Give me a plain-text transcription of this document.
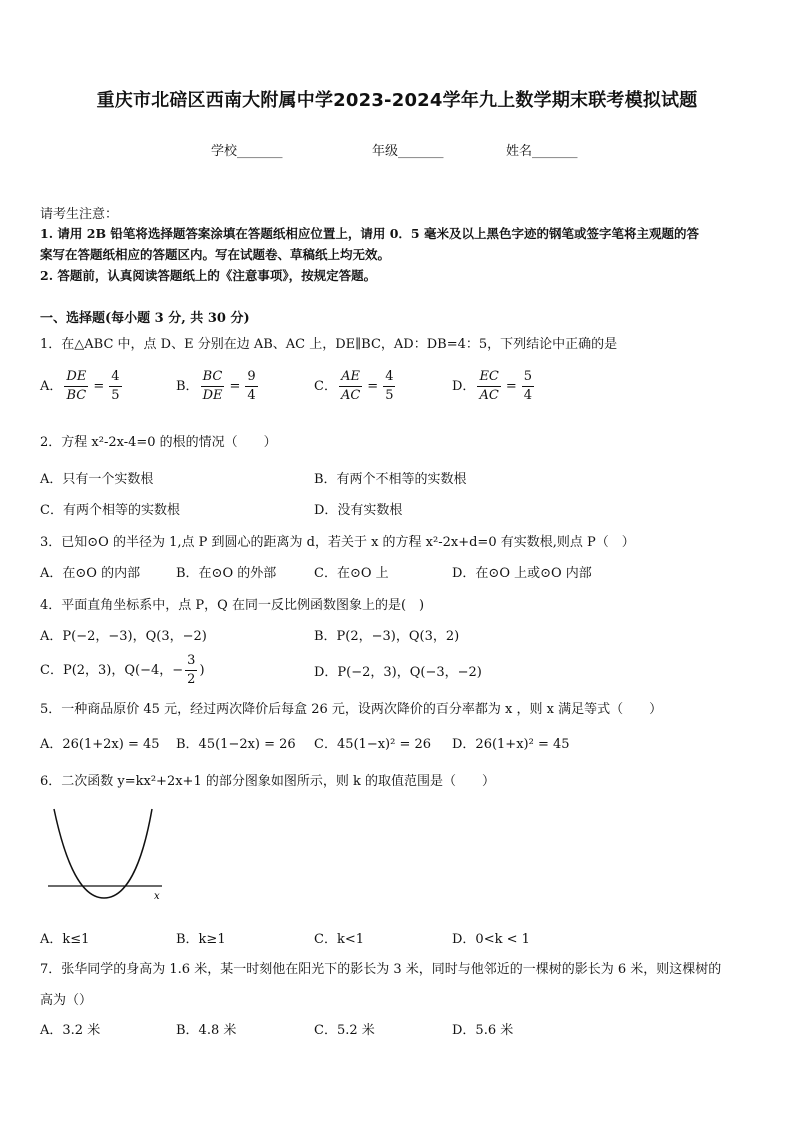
重庆市北碚区西南大附属中学2023-2024学年九上数学期末联考模拟试题
学校_______	年级_______	姓名_______
请考生注意：
1. 请用 2B 铅笔将选择题答案涂填在答题纸相应位置上，请用 0．5 毫米及以上黑色字迹的钢笔或签字笔将主观题的答
案写在答题纸相应的答题区内。写在试题卷、草稿纸上均无效。
2. 答题前，认真阅读答题纸上的《注意事项》，按规定答题。
一、选择题(每小题 3 分, 共 30 分)
1．在△ABC 中，点 D、E 分别在边 AB、AC 上，DE∥BC，AD：DB=4：5，下列结论中正确的是
A． $\frac{DE}{BC} = \frac{4}{5}$	B． $\frac{BC}{DE} = \frac{9}{4}$	C． $\frac{AE}{AC} = \frac{4}{5}$	D． $\frac{EC}{AC} = \frac{5}{4}$
2．方程 x²-2x-4=0 的根的情况（　　）
A．只有一个实数根	B．有两个不相等的实数根
C．有两个相等的实数根	D．没有实数根
3．已知⊙O 的半径为 1,点 P 到圆心的距离为 d，若关于 x 的方程 x²-2x+d=0 有实数根,则点 P（　）
A．在⊙O 的内部	B．在⊙O 的外部	C．在⊙O 上	D．在⊙O 上或⊙O 内部
4．平面直角坐标系中，点 P，Q 在同一反比例函数图象上的是(　)
A．P(−2，−3)，Q(3，−2)	B．P(2，−3)，Q(3，2)
C．P(2，3)，Q(−4，− $\frac{3}{2}$ )	D．P(−2，3)，Q(−3，−2)
5．一种商品原价 45 元，经过两次降价后每盒 26 元，设两次降价的百分率都为 x ，则 x 满足等式（　　）
A．26(1+2x) = 45 B．45(1−2x) = 26 C．45(1−x)² = 26 D．26(1+x)² = 45
6．二次函数 y=kx²+2x+1 的部分图象如图所示，则 k 的取值范围是（　　）
x
A．k≤1	B．k≥1	C．k<1	D．0<k < 1
7．张华同学的身高为 1.6 米，某一时刻他在阳光下的影长为 3 米，同时与他邻近的一棵树的影长为 6 米，则这棵树的
高为（）
A．3.2 米	B．4.8 米	C．5.2 米	D．5.6 米
